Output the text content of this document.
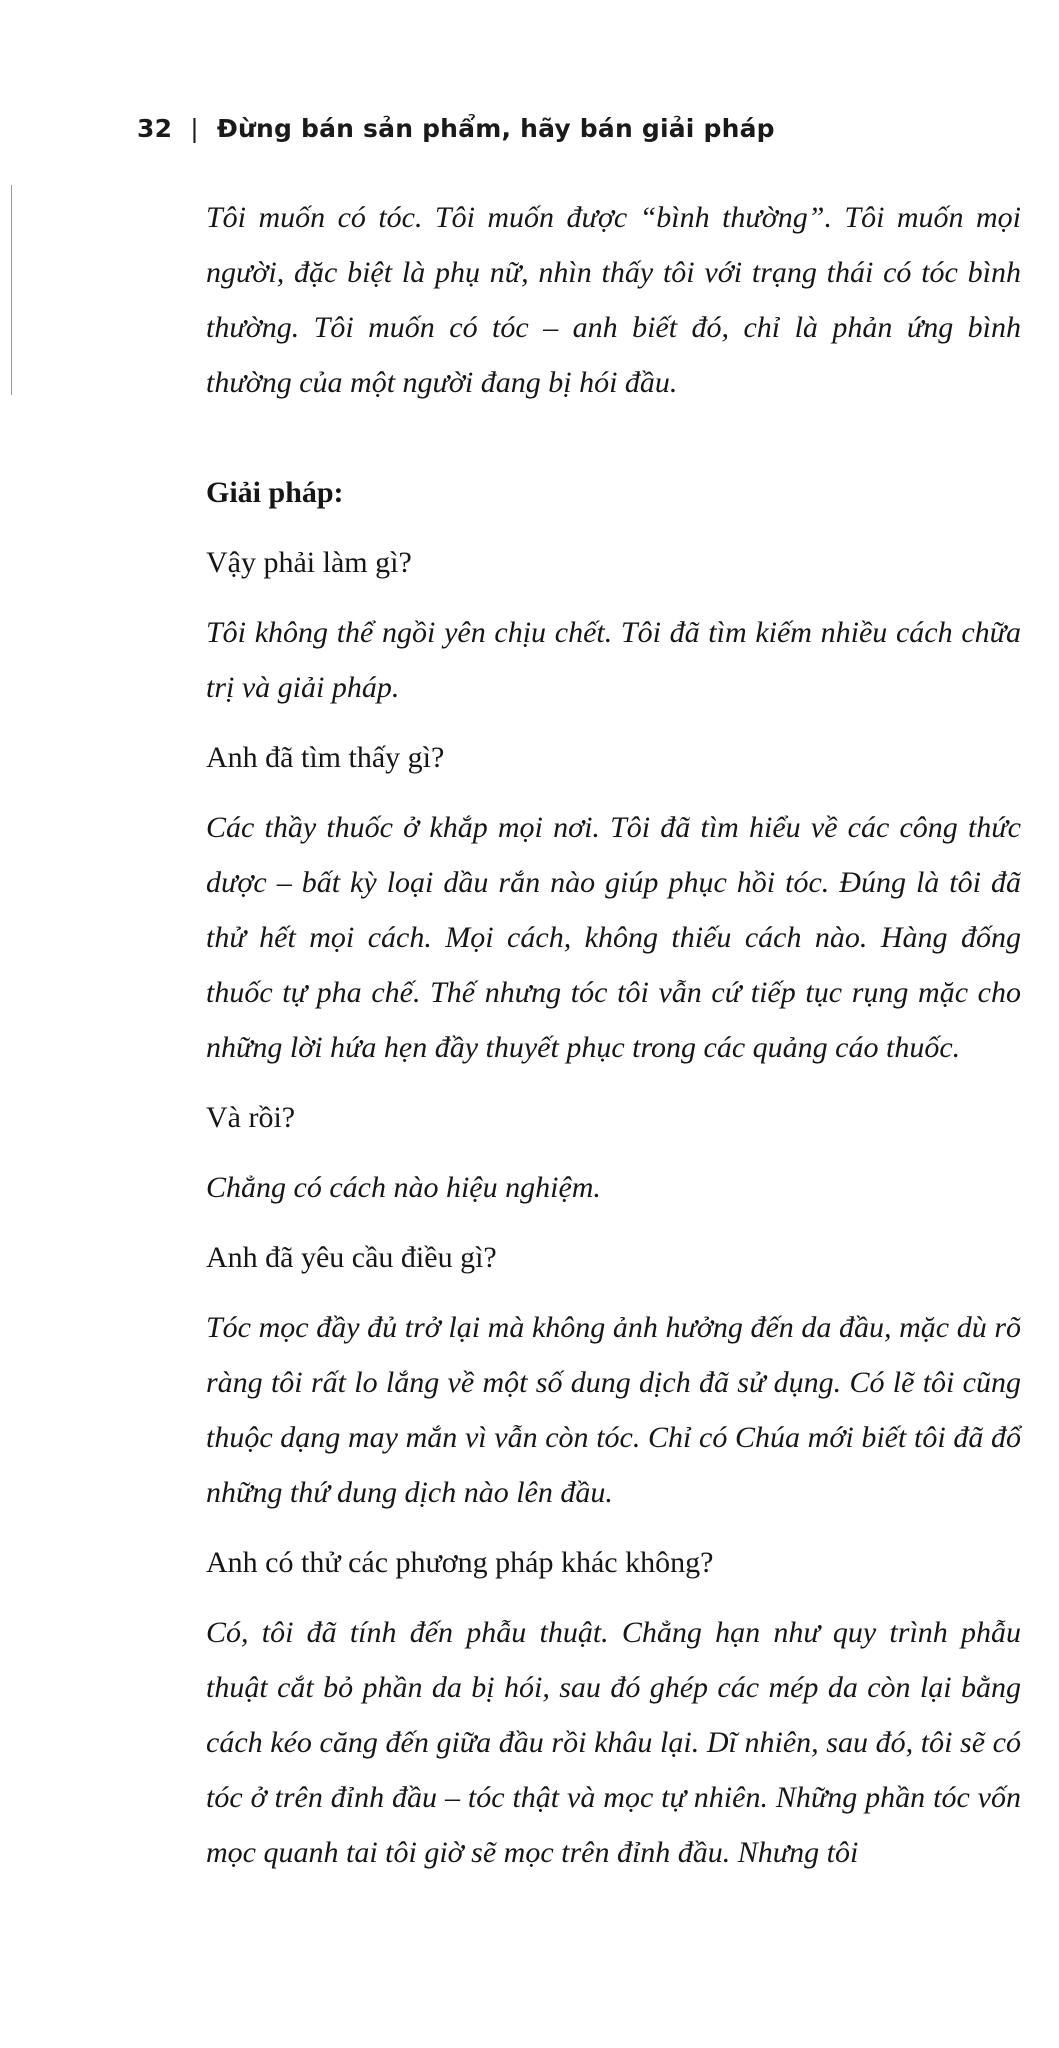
32 | Đừng bán sản phẩm, hãy bán giải pháp

Tôi muốn có tóc. Tôi muốn được “bình thường”. Tôi muốn mọi người, đặc biệt là phụ nữ, nhìn thấy tôi với trạng thái có tóc bình thường. Tôi muốn có tóc – anh biết đó, chỉ là phản ứng bình thường của một người đang bị hói đầu.

Giải pháp:

Vậy phải làm gì?

Tôi không thể ngồi yên chịu chết. Tôi đã tìm kiếm nhiều cách chữa trị và giải pháp.

Anh đã tìm thấy gì?

Các thầy thuốc ở khắp mọi nơi. Tôi đã tìm hiểu về các công thức dược – bất kỳ loại dầu rắn nào giúp phục hồi tóc. Đúng là tôi đã thử hết mọi cách. Mọi cách, không thiếu cách nào. Hàng đống thuốc tự pha chế. Thế nhưng tóc tôi vẫn cứ tiếp tục rụng mặc cho những lời hứa hẹn đầy thuyết phục trong các quảng cáo thuốc.

Và rồi?

Chẳng có cách nào hiệu nghiệm.

Anh đã yêu cầu điều gì?

Tóc mọc đầy đủ trở lại mà không ảnh hưởng đến da đầu, mặc dù rõ ràng tôi rất lo lắng về một số dung dịch đã sử dụng. Có lẽ tôi cũng thuộc dạng may mắn vì vẫn còn tóc. Chỉ có Chúa mới biết tôi đã đổ những thứ dung dịch nào lên đầu.

Anh có thử các phương pháp khác không?

Có, tôi đã tính đến phẫu thuật. Chẳng hạn như quy trình phẫu thuật cắt bỏ phần da bị hói, sau đó ghép các mép da còn lại bằng cách kéo căng đến giữa đầu rồi khâu lại. Dĩ nhiên, sau đó, tôi sẽ có tóc ở trên đỉnh đầu – tóc thật và mọc tự nhiên. Những phần tóc vốn mọc quanh tai tôi giờ sẽ mọc trên đỉnh đầu. Nhưng tôi
